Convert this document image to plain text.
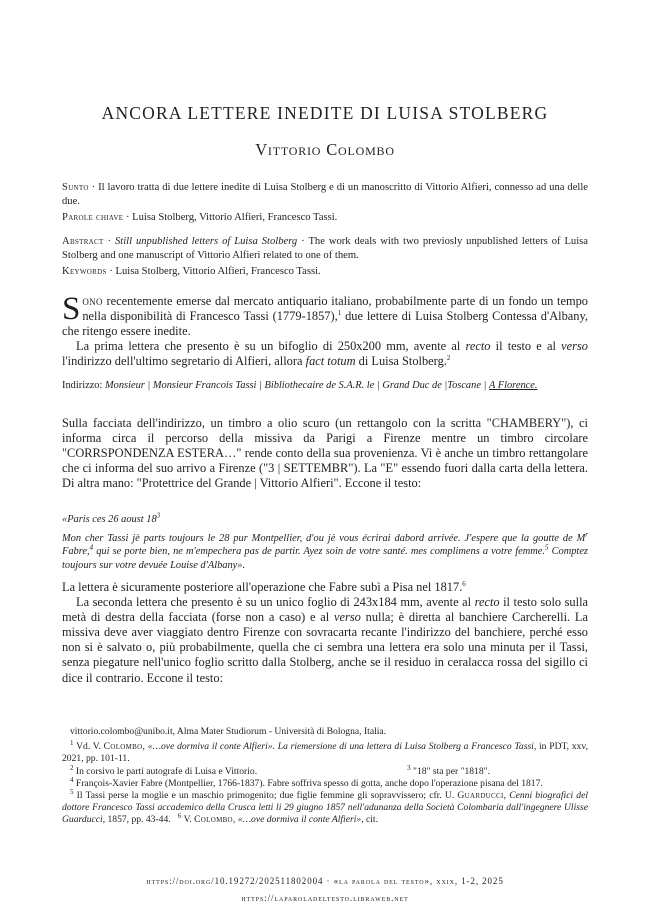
ANCORA LETTERE INEDITE DI LUISA STOLBERG
Vittorio Colombo
Sunto · Il lavoro tratta di due lettere inedite di Luisa Stolberg e di un manoscritto di Vittorio Alfieri, connesso ad una delle due.
Parole chiave · Luisa Stolberg, Vittorio Alfieri, Francesco Tassi.
Abstract · Still unpublished letters of Luisa Stolberg · The work deals with two previosly unpublished letters of Luisa Stolberg and one manuscript of Vittorio Alfieri related to one of them.
Keywords · Luisa Stolberg, Vittorio Alfieri, Francesco Tassi.

Sono recentemente emerse dal mercato antiquario italiano, probabilmente parte di un fondo un tempo nella disponibilità di Francesco Tassi (1779-1857),$^1$ due lettere di Luisa Stolberg Contessa d'Albany, che ritengo essere inedite.

La prima lettera che presento è su un bifoglio di 250x200 mm, avente al recto il testo e al verso l'indirizzo dell'ultimo segretario di Alfieri, allora fact totum di Luisa Stolberg.$^2$

Indirizzo: Monsieur | Monsieur Francois Tassi | Bibliothecaire de S.A.R. le | Grand Duc de |Toscane | A Florence.

Sulla facciata dell'indirizzo, un timbro a olio scuro (un rettangolo con la scritta "CHAMBERY"), ci informa circa il percorso della missiva da Parigi a Firenze mentre un timbro circolare "CORRSPONDENZA ESTERA…" rende conto della sua provenienza. Vi è anche un timbro rettangolare che ci informa del suo arrivo a Firenze ("3 | SETTEMBR"). La "E" essendo fuori dalla carta della lettera. Di altra mano: "Protettrice del Grande | Vittorio Alfieri". Eccone il testo:

«Paris ces 26 aoust $18^3$
Mon cher Tassi jè parts toujours le 28 pur Montpellier, d'ou jè vous écrirai dabord arrivée. J'espere que la goutte de $M^r$ Fabre,$^4$ qui se porte bien, ne m'empechera pas de partir. Ayez soin de votre santé. mes complimens a votre femme.$^5$ Comptez toujours sur votre devuée Louise d'Albany».

La lettera è sicuramente posteriore all'operazione che Fabre subì a Pisa nel 1817.$^6$

La seconda lettera che presento è su un unico foglio di 243x184 mm, avente al recto il testo solo sulla metà di destra della facciata (forse non a caso) e al verso nulla; è diretta al banchiere Carcherelli. La missiva deve aver viaggiato dentro Firenze con sovracarta recante l'indirizzo del banchiere, perché esso non si è salvato o, più probabilmente, quella che ci sembra una lettera era solo una minuta per il Tassi, senza piegature nell'unico foglio scritto dalla Stolberg, anche se il residuo in ceralacca rossa del sigillo ci dice il contrario. Eccone il testo:

vittorio.colombo@unibo.it, Alma Mater Studiorum - Università di Bologna, Italia.

$^1$ Vd. V. Colombo, «…ove dormiva il conte Alfieri». La riemersione di una lettera di Luisa Stolberg a Francesco Tassi, in PDT, xxv, 2021, pp. 101-11.

$^2$ In corsivo le parti autografe di Luisa e Vittorio.	$^3$ "18" sta per "1818".

$^4$ François-Xavier Fabre (Montpellier, 1766-1837). Fabre soffriva spesso di gotta, anche dopo l'operazione pisana del 1817.

$^5$ Il Tassi perse la moglie e un maschio primogenito; due figlie femmine gli sopravvissero; cfr. U. Guarducci, Cenni biografici del dottore Francesco Tassi accademico della Crusca letti li 29 giugno 1857 nell'adunanza della Società Colombaria dall'ingegnere Ulisse Guarducci, 1857, pp. 43-44. $^6$ V. Colombo, «…ove dormiva il conte Alfieri», cit.

https://doi.org/10.19272/202511802004 · «la parola del testo», xxix, 1-2, 2025
https://laparoladeltesto.libraweb.net
